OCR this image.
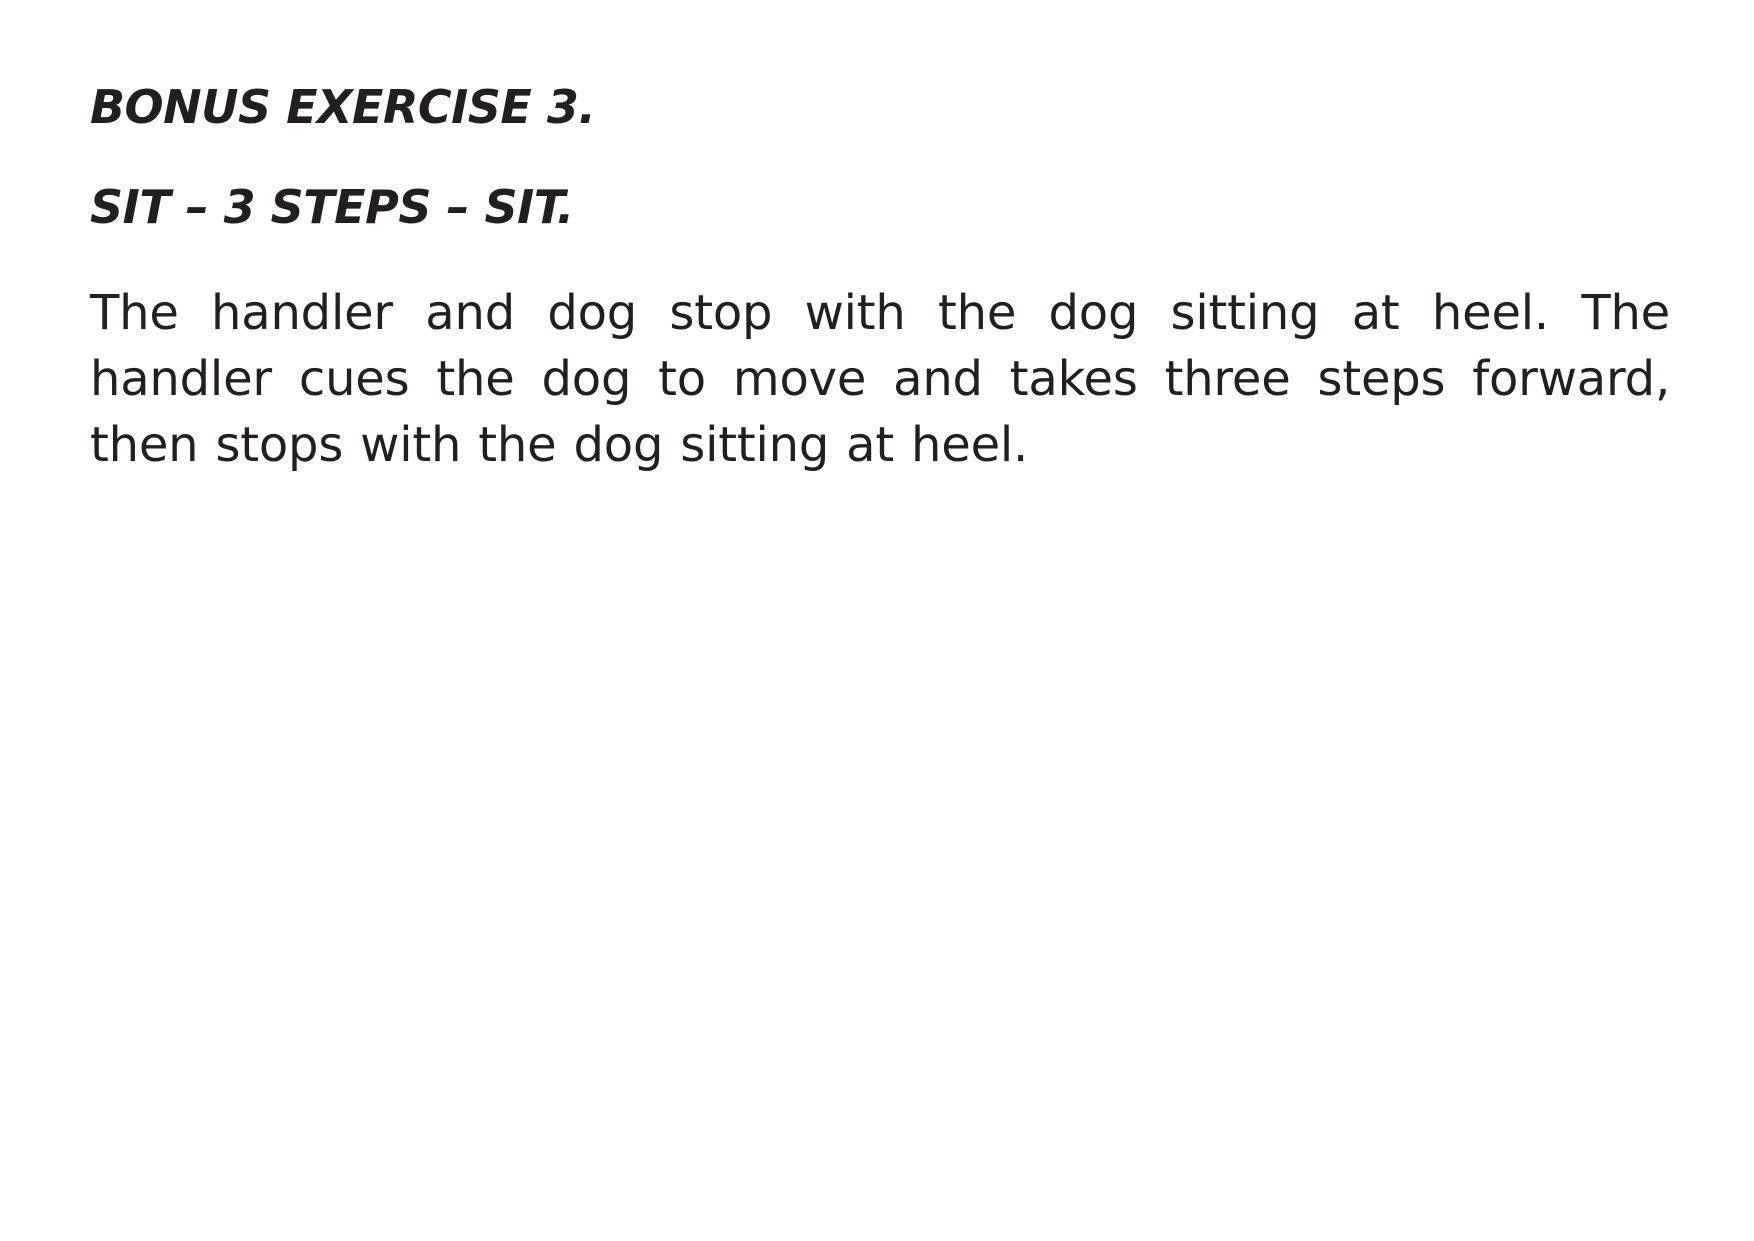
BONUS EXERCISE 3.
SIT – 3 STEPS – SIT.

The handler and dog stop with the dog sitting at heel. The handler cues the dog to move and takes three steps forward, then stops with the dog sitting at heel.
